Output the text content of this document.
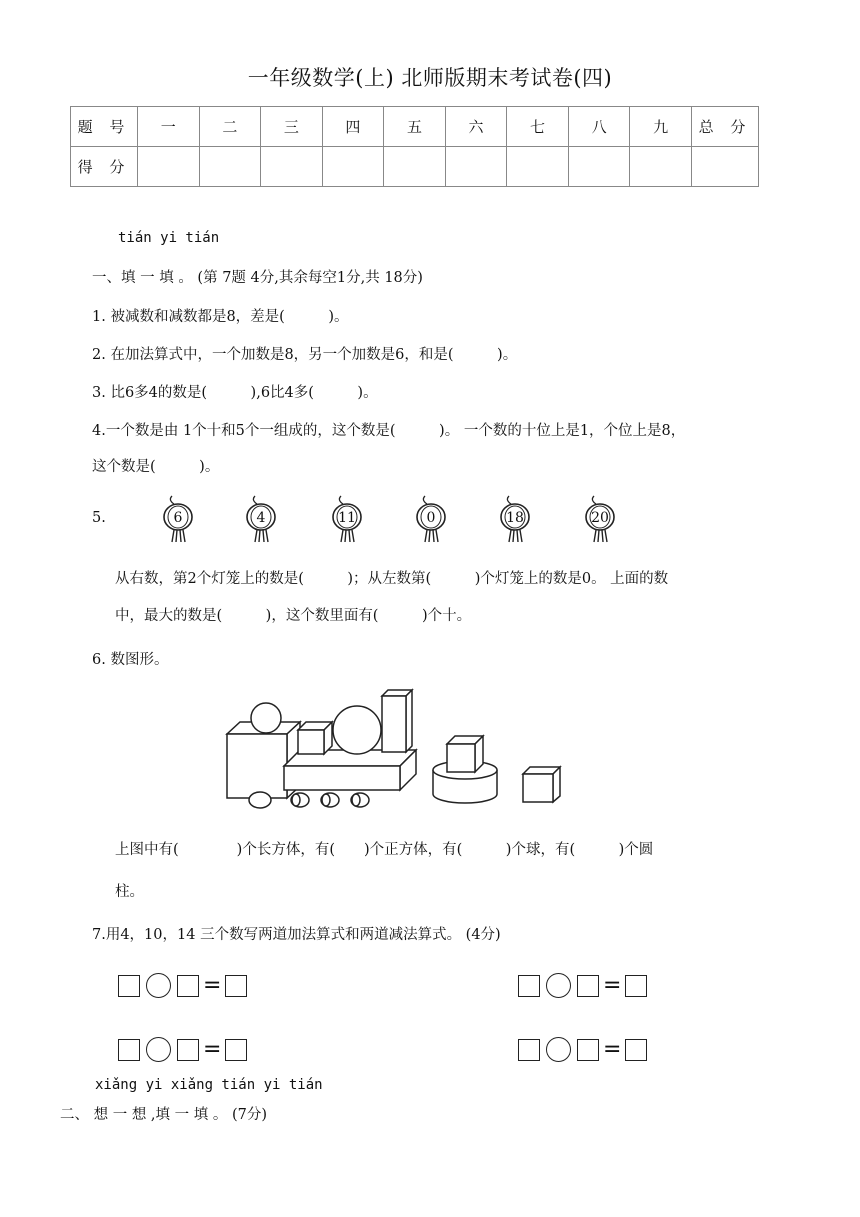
一年级数学(上) 北师版期末考试卷(四)
题 号	一	二	三	四	五	六	七	八	九	总 分
得 分										
tián yi tián
一、填 一 填 。 (第 7题 4分,其余每空1分,共 18分)
1. 被减数和减数都是8，差是(　　　)。
2. 在加法算式中，一个加数是8，另一个加数是6，和是(　　　)。
3. 比6多4的数是(　　　),6比4多(　　　)。
4.一个数是由 1个十和5个一组成的，这个数是(　　　)。 一个数的十位上是1，个位上是8，
这个数是(　　　)。
5.	6	4	11	0	18	20
从右数，第2个灯笼上的数是(　　　)；从左数第(　　　)个灯笼上的数是0。 上面的数
中，最大的数是(　　　)，这个数里面有(　　　)个十。
6. 数图形。
上图中有(　　　　)个长方体，有(　　)个正方体，有(　　　)个球，有(　　　)个圆
柱。
7.用4，10，14 三个数写两道加法算式和两道减法算式。 (4分)
=	=
=	=
xiǎng yi xiǎng tián yi tián
二、 想 一 想 ,填 一 填 。 (7分)
